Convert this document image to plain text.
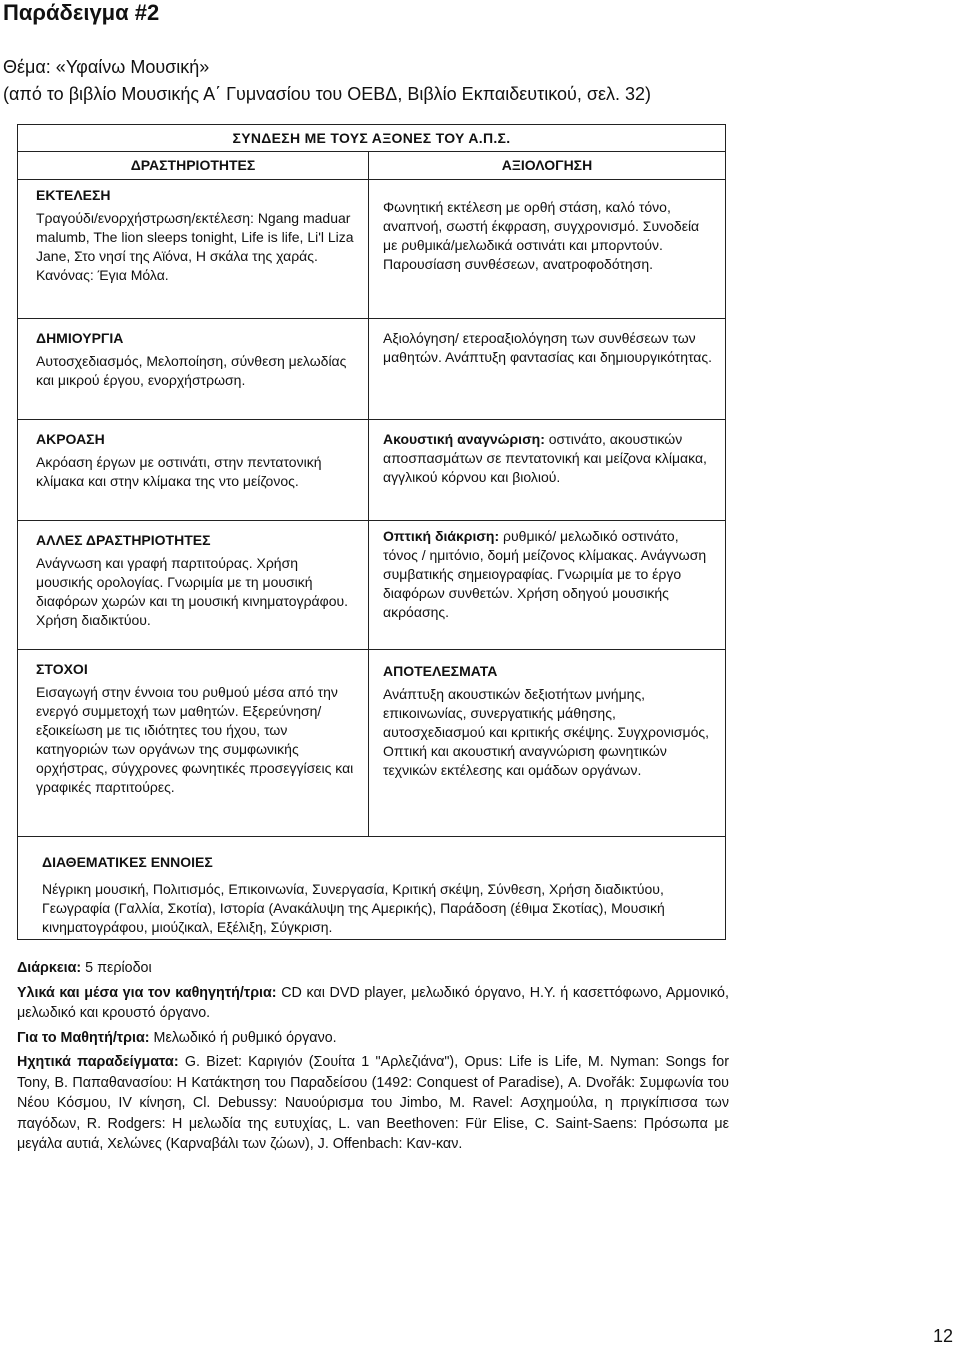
Παράδειγμα #2
Θέμα: «Υφαίνω Μουσική»
(από το βιβλίο Μουσικής Α΄ Γυμνασίου του ΟΕΒΔ, Βιβλίο Εκπαιδευτικού, σελ. 32)
ΣΥΝΔΕΣΗ ΜΕ ΤΟΥΣ ΑΞΟΝΕΣ ΤΟΥ Α.Π.Σ.
ΔΡΑΣΤΗΡΙΟΤΗΤΕΣ	ΑΞΙΟΛΟΓΗΣΗ
ΕΚΤΕΛΕΣΗ
Τραγούδι/ενορχήστρωση/εκτέλεση: Ngang maduar malumb, The lion sleeps tonight, Life is life, Li'l Liza Jane, Στο νησί της Αϊόνα, Η σκάλα της χαράς. Κανόνας: Έγια Μόλα.
Φωνητική εκτέλεση με ορθή στάση, καλό τόνο, αναπνοή, σωστή έκφραση, συγχρονισμό. Συνοδεία με ρυθμικά/μελωδικά οστινάτι και μπορντούν. Παρουσίαση συνθέσεων, ανατροφοδότηση.
ΔΗΜΙΟΥΡΓΙΑ
Αυτοσχεδιασμός, Μελοποίηση, σύνθεση μελωδίας και μικρού έργου, ενορχήστρωση.
Αξιολόγηση/ ετεροαξιολόγηση των συνθέσεων των μαθητών. Ανάπτυξη φαντασίας και δημιουργικότητας.
ΑΚΡΟΑΣΗ
Ακρόαση έργων με οστινάτι, στην πεντατονική κλίμακα και στην κλίμακα της ντο μείζονος.
Ακουστική αναγνώριση: οστινάτο, ακουστικών αποσπασμάτων σε πεντατονική και μείζονα κλίμακα, αγγλικού κόρνου και βιολιού.
ΑΛΛΕΣ ΔΡΑΣΤΗΡΙΟΤΗΤΕΣ
Ανάγνωση και γραφή παρτιτούρας. Χρήση μουσικής ορολογίας. Γνωριμία με τη μουσική διαφόρων χωρών και τη μουσική κινηματογράφου. Χρήση διαδικτύου.
Οπτική διάκριση: ρυθμικό/ μελωδικό οστινάτο, τόνος / ημιτόνιο, δομή μείζονος κλίμακας. Ανάγνωση συμβατικής σημειογραφίας. Γνωριμία με το έργο διαφόρων συνθετών. Χρήση οδηγού μουσικής ακρόασης.
ΣΤΟΧΟΙ
Εισαγωγή στην έννοια του ρυθμού μέσα από την ενεργό συμμετοχή των μαθητών. Εξερεύνηση/εξοικείωση με τις ιδιότητες του ήχου, των κατηγοριών των οργάνων της συμφωνικής ορχήστρας, σύγχρονες φωνητικές προσεγγίσεις και γραφικές παρτιτούρες.
ΑΠΟΤΕΛΕΣΜΑΤΑ
Ανάπτυξη ακουστικών δεξιοτήτων μνήμης, επικοινωνίας, συνεργατικής μάθησης, αυτοσχεδιασμού και κριτικής σκέψης. Συγχρονισμός, Οπτική και ακουστική αναγνώριση φωνητικών τεχνικών εκτέλεσης και ομάδων οργάνων.
ΔΙΑΘΕΜΑΤΙΚΕΣ ΕΝΝΟΙΕΣ
Νέγρικη μουσική, Πολιτισμός, Επικοινωνία, Συνεργασία, Κριτική σκέψη, Σύνθεση, Χρήση διαδικτύου, Γεωγραφία (Γαλλία, Σκοτία), Ιστορία (Ανακάλυψη της Αμερικής), Παράδοση (έθιμα Σκοτίας), Μουσική κινηματογράφου, μιούζικαλ, Εξέλιξη, Σύγκριση.

Διάρκεια: 5 περίοδοι

Υλικά και μέσα για τον καθηγητή/τρια: CD και DVD player, μελωδικό όργανο, Η.Υ. ή κασεττόφωνο, Αρμονικό, μελωδικό και κρουστό όργανο.

Για το Μαθητή/τρια: Μελωδικό ή ρυθμικό όργανο.

Ηχητικά παραδείγματα: G. Bizet: Καριγιόν (Σουίτα 1 "Αρλεζιάνα"), Opus: Life is Life, M. Nyman: Songs for Tony, Β. Παπαθανασίου: Η Κατάκτηση του Παραδείσου (1492: Conquest of Paradise), A. Dvořák: Συμφωνία του Νέου Κόσμου, IV κίνηση, Cl. Debussy: Ναυούρισμα του Jimbo, M. Ravel: Ασχημούλα, η πριγκίπισσα των παγόδων, R. Rodgers: Η μελωδία της ευτυχίας, L. van Beethoven: Für Elise, C. Saint-Saens: Πρόσωπα με μεγάλα αυτιά, Χελώνες (Καρναβάλι των ζώων), J. Offenbach: Καν-καν.

12
